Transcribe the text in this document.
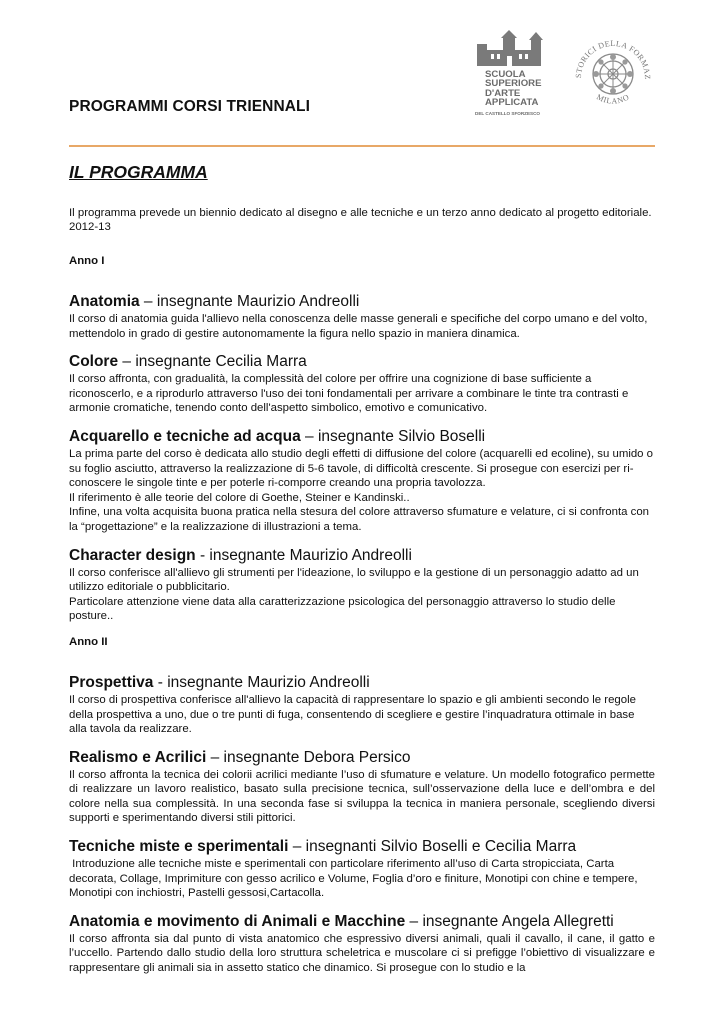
PROGRAMMI CORSI TRIENNALI
SCUOLA
SUPERIORE
D'ARTE
APPLICATA
DEL CASTELLO SFORZESCO
STORICI DELLA FORMAZ
MILANO
IL PROGRAMMA
Il programma prevede un biennio dedicato al disegno e alle tecniche e un terzo anno dedicato al progetto editoriale. 2012-13
Anno I
Anatomia – insegnante Maurizio Andreolli

Il corso di anatomia guida l'allievo nella conoscenza delle masse generali e specifiche del corpo umano e del volto, mettendolo in grado di gestire autonomamente la figura nello spazio in maniera dinamica.

Colore – insegnante Cecilia Marra

Il corso affronta, con gradualità, la complessità del colore per offrire una cognizione di base sufficiente a riconoscerlo, e a riprodurlo attraverso l'uso dei toni fondamentali per arrivare a combinare le tinte tra contrasti e armonie cromatiche, tenendo conto dell'aspetto simbolico, emotivo e comunicativo.

Acquarello e tecniche ad acqua – insegnante Silvio Boselli

La prima parte del corso è dedicata allo studio degli effetti di diffusione del colore (acquarelli ed ecoline), su umido o su foglio asciutto, attraverso la realizzazione di 5-6 tavole, di difficoltà crescente. Si prosegue con esercizi per ri-conoscere le singole tinte e per poterle ri-comporre creando una propria tavolozza.

Il riferimento è alle teorie del colore di Goethe, Steiner e Kandinski..

Infine, una volta acquisita buona pratica nella stesura del colore attraverso sfumature e velature, ci si confronta con la “progettazione” e la realizzazione di illustrazioni a tema.

Character design - insegnante Maurizio Andreolli

Il corso conferisce all'allievo gli strumenti per l'ideazione, lo sviluppo e la gestione di un personaggio adatto ad un utilizzo editoriale o pubblicitario.

Particolare attenzione viene data alla caratterizzazione psicologica del personaggio attraverso lo studio delle posture..

Anno II
Prospettiva - insegnante Maurizio Andreolli

Il corso di prospettiva conferisce all'allievo la capacità di rappresentare lo spazio e gli ambienti secondo le regole della prospettiva a uno, due o tre punti di fuga, consentendo di scegliere e gestire l’inquadratura ottimale in base alla tavola da realizzare.

Realismo e Acrilici – insegnante Debora Persico

Il corso affronta la tecnica dei colorii acrilici mediante l’uso di sfumature e velature. Un modello fotografico permette di realizzare un lavoro realistico, basato sulla precisione tecnica, sull’osservazione della luce e dell’ombra e del colore nella sua complessità. In una seconda fase si sviluppa la tecnica in maniera personale, scegliendo diversi supporti e sperimentando diversi stili pittorici.

Tecniche miste e sperimentali – insegnanti Silvio Boselli e Cecilia Marra

Introduzione alle tecniche miste e sperimentali con particolare riferimento all’uso di Carta stropicciata, Carta decorata, Collage, Imprimiture con gesso acrilico e Volume, Foglia d’oro e finiture, Monotipi con chine e tempere, Monotipi con inchiostri, Pastelli gessosi,Cartacolla.

Anatomia e movimento di Animali e Macchine – insegnante Angela Allegretti

Il corso affronta sia dal punto di vista anatomico che espressivo diversi animali, quali il cavallo, il cane, il gatto e l’uccello. Partendo dallo studio della loro struttura scheletrica e muscolare ci si prefigge l’obiettivo di visualizzare e rappresentare gli animali sia in assetto statico che dinamico. Si prosegue con lo studio e la
